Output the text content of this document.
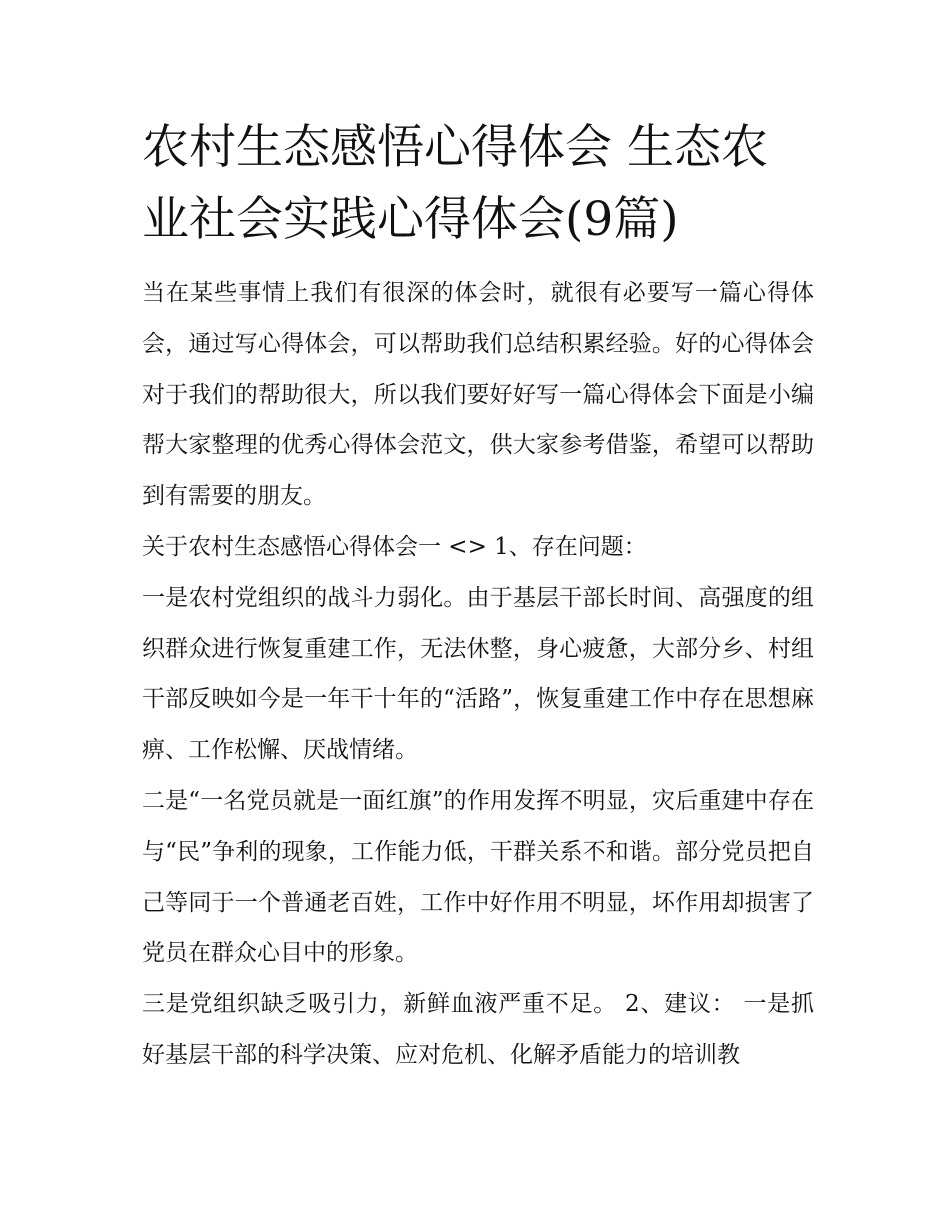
农村生态感悟心得体会 生态农业社会实践心得体会(9篇)

当在某些事情上我们有很深的体会时，就很有必要写一篇心得体会，通过写心得体会，可以帮助我们总结积累经验。好的心得体会对于我们的帮助很大，所以我们要好好写一篇心得体会下面是小编帮大家整理的优秀心得体会范文，供大家参考借鉴，希望可以帮助到有需要的朋友。

关于农村生态感悟心得体会一 <> 1、存在问题：

一是农村党组织的战斗力弱化。由于基层干部长时间、高强度的组织群众进行恢复重建工作，无法休整，身心疲惫，大部分乡、村组干部反映如今是一年干十年的“活路”，恢复重建工作中存在思想麻痹、工作松懈、厌战情绪。

二是“一名党员就是一面红旗”的作用发挥不明显，灾后重建中存在与“民”争利的现象，工作能力低，干群关系不和谐。部分党员把自己等同于一个普通老百姓，工作中好作用不明显，坏作用却损害了党员在群众心目中的形象。

三是党组织缺乏吸引力，新鲜血液严重不足。 2、建议： 一是抓好基层干部的科学决策、应对危机、化解矛盾能力的培训教
